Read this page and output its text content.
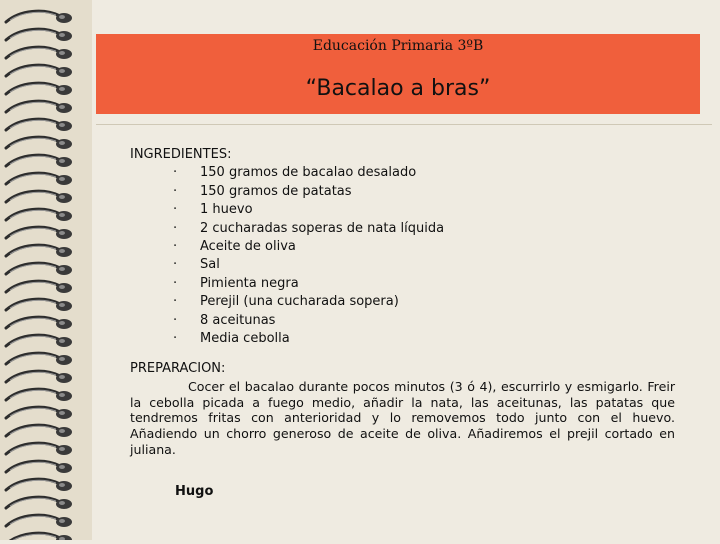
Educación Primaria 3ºB
“Bacalao a bras”
INGREDIENTES:
· 150 gramos de bacalao desalado
· 150 gramos de patatas
· 1 huevo
· 2 cucharadas soperas de nata líquida
· Aceite de oliva
· Sal
· Pimienta negra
· Perejil (una cucharada sopera)
· 8 aceitunas
· Media cebolla
PREPARACION:

Cocer el bacalao durante pocos minutos (3 ó 4), escurrirlo y esmigarlo. Freir la cebolla picada a fuego medio, añadir la nata, las aceitunas, las patatas que tendremos fritas con anterioridad y lo removemos todo junto con el huevo. Añadiendo un chorro generoso de aceite de oliva. Añadiremos el prejil cortado en juliana.

Hugo
